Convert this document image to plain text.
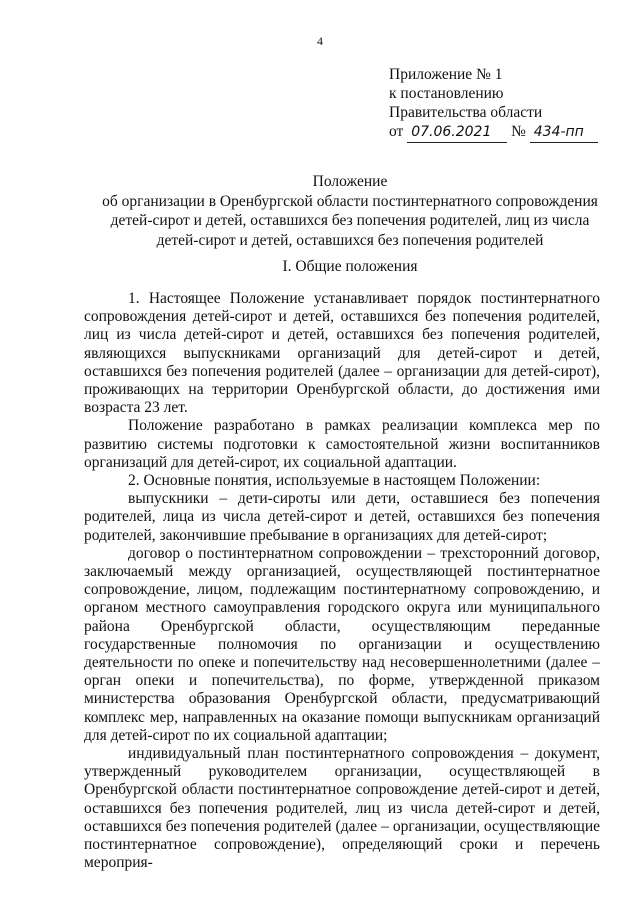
4
Приложение № 1
к постановлению
Правительства области
от 07.06.2021 № 434-пп
Положение
об организации в Оренбургской области постинтернатного сопровождения
детей-сирот и детей, оставшихся без попечения родителей, лиц из числа
детей-сирот и детей, оставшихся без попечения родителей
I. Общие положения

1. Настоящее Положение устанавливает порядок постинтернатного сопровождения детей-сирот и детей, оставшихся без попечения родителей, лиц из числа детей-сирот и детей, оставшихся без попечения родителей, являющихся выпускниками организаций для детей-сирот и детей, оставшихся без попечения родителей (далее – организации для детей-сирот), проживающих на территории Оренбургской области, до достижения ими возраста 23 лет.

Положение разработано в рамках реализации комплекса мер по развитию системы подготовки к самостоятельной жизни воспитанников организаций для детей-сирот, их социальной адаптации.

2. Основные понятия, используемые в настоящем Положении:

выпускники – дети-сироты или дети, оставшиеся без попечения родителей, лица из числа детей-сирот и детей, оставшихся без попечения родителей, закончившие пребывание в организациях для детей-сирот;

договор о постинтернатном сопровождении – трехсторонний договор, заключаемый между организацией, осуществляющей постинтернатное сопровождение, лицом, подлежащим постинтернатному сопровождению, и органом местного самоуправления городского округа или муниципального района Оренбургской области, осуществляющим переданные государственные полномочия по организации и осуществлению деятельности по опеке и попечительству над несовершеннолетними (далее – орган опеки и попечительства), по форме, утвержденной приказом министерства образования Оренбургской области, предусматривающий комплекс мер, направленных на оказание помощи выпускникам организаций для детей-сирот по их социальной адаптации;

индивидуальный план постинтернатного сопровождения – документ, утвержденный руководителем организации, осуществляющей в Оренбургской области постинтернатное сопровождение детей-сирот и детей, оставшихся без попечения родителей, лиц из числа детей-сирот и детей, оставшихся без попечения родителей (далее – организации, осуществляющие постинтернатное сопровождение), определяющий сроки и перечень мероприя-
